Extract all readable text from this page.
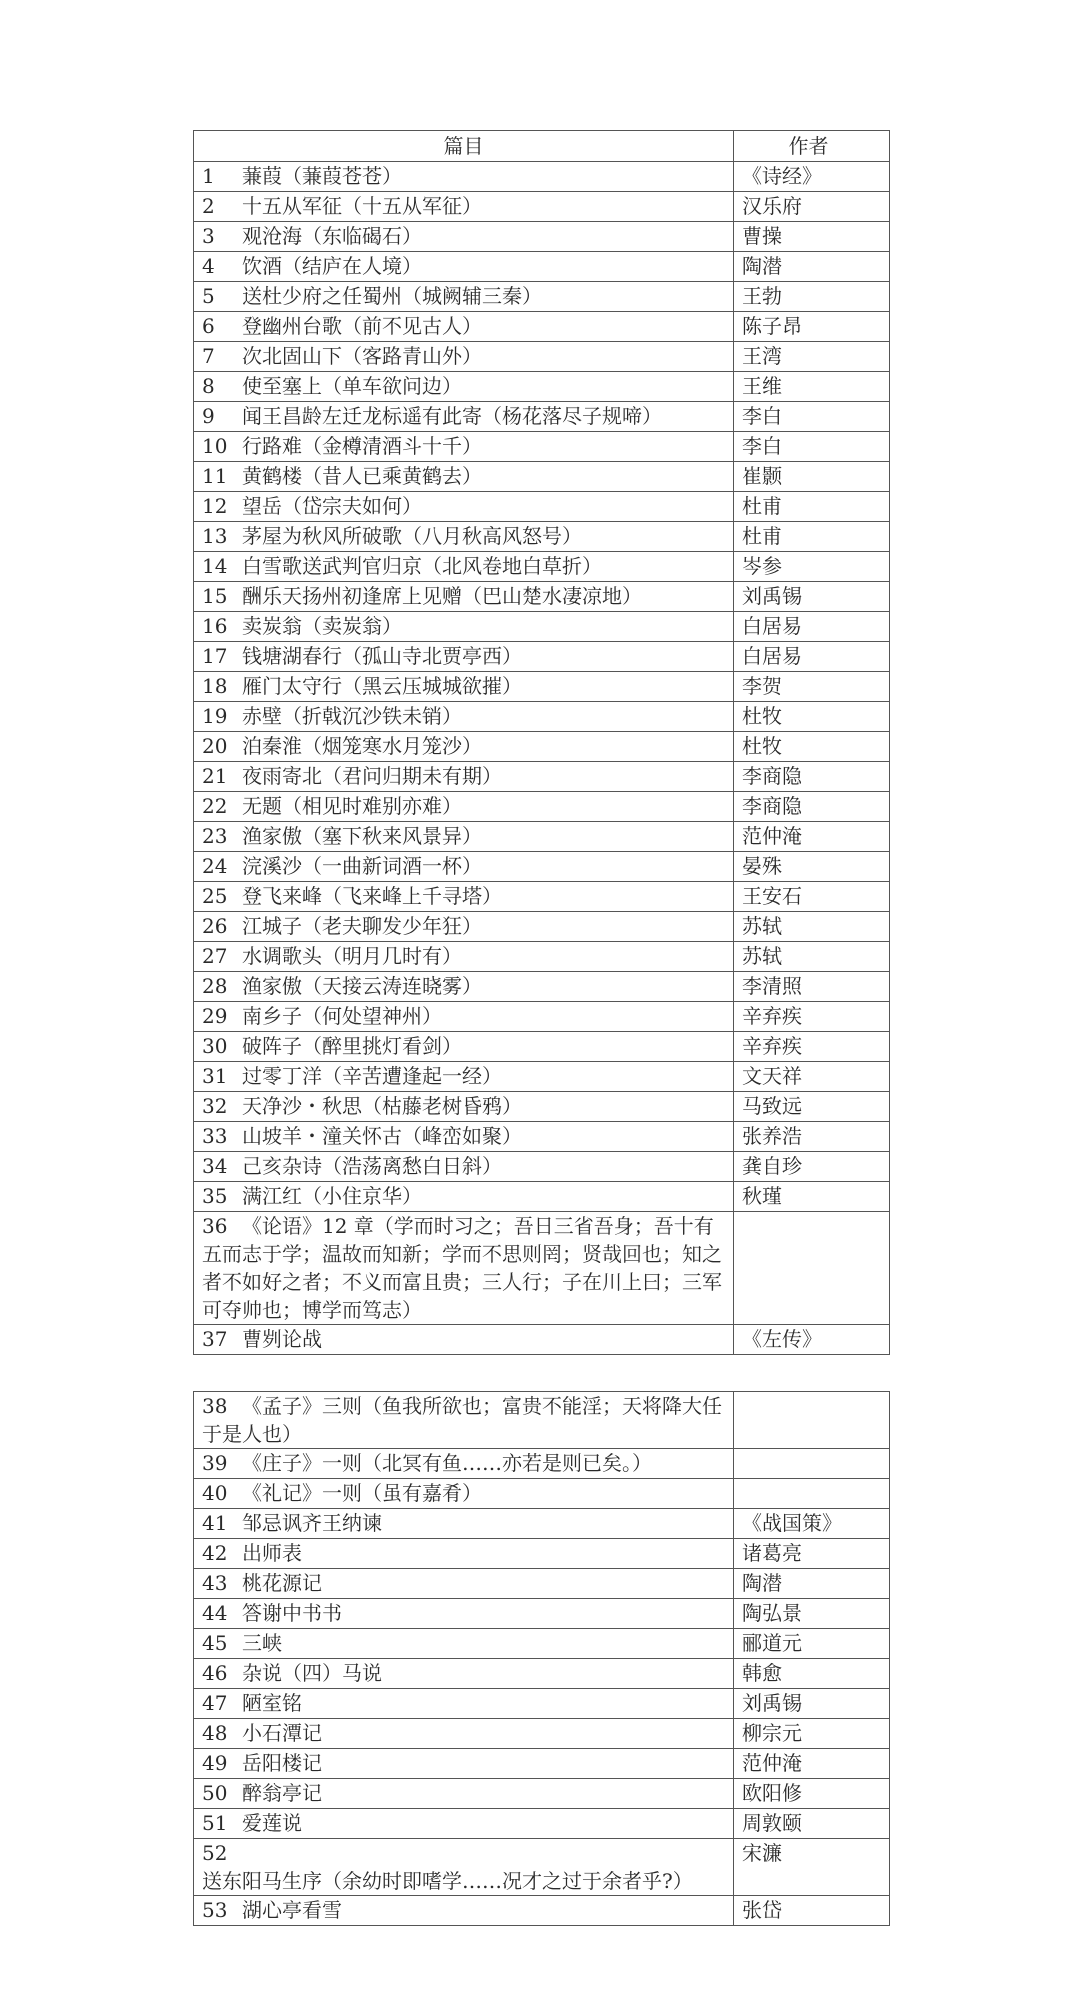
篇目	作者
1 蒹葭（蒹葭苍苍）	《诗经》
2 十五从军征（十五从军征）	汉乐府
3 观沧海（东临碣石）	曹操
4 饮酒（结庐在人境）	陶潜
5 送杜少府之任蜀州（城阙辅三秦）	王勃
6 登幽州台歌（前不见古人）	陈子昂
7 次北固山下（客路青山外）	王湾
8 使至塞上（单车欲问边）	王维
9 闻王昌龄左迁龙标遥有此寄（杨花落尽子规啼）	李白
10 行路难（金樽清酒斗十千）	李白
11 黄鹤楼（昔人已乘黄鹤去）	崔颢
12 望岳（岱宗夫如何）	杜甫
13 茅屋为秋风所破歌（八月秋高风怒号）	杜甫
14 白雪歌送武判官归京（北风卷地白草折）	岑参
15 酬乐天扬州初逢席上见赠（巴山楚水凄凉地）	刘禹锡
16 卖炭翁（卖炭翁）	白居易
17 钱塘湖春行（孤山寺北贾亭西）	白居易
18 雁门太守行（黑云压城城欲摧）	李贺
19 赤壁（折戟沉沙铁未销）	杜牧
20 泊秦淮（烟笼寒水月笼沙）	杜牧
21 夜雨寄北（君问归期未有期）	李商隐
22 无题（相见时难别亦难）	李商隐
23 渔家傲（塞下秋来风景异）	范仲淹
24 浣溪沙（一曲新词酒一杯）	晏殊
25 登飞来峰（飞来峰上千寻塔）	王安石
26 江城子（老夫聊发少年狂）	苏轼
27 水调歌头（明月几时有）	苏轼
28 渔家傲（天接云涛连晓雾）	李清照
29 南乡子（何处望神州）	辛弃疾
30 破阵子（醉里挑灯看剑）	辛弃疾
31 过零丁洋（辛苦遭逢起一经）	文天祥
32 天净沙・秋思（枯藤老树昏鸦）	马致远
33 山坡羊・潼关怀古（峰峦如聚）	张养浩
34 己亥杂诗（浩荡离愁白日斜）	龚自珍
35 满江红（小住京华）	秋瑾
36 《论语》12 章（学而时习之；吾日三省吾身；吾十有五而志于学；温故而知新；学而不思则罔；贤哉回也；知之者不如好之者；不义而富且贵；三人行；子在川上曰；三军可夺帅也；博学而笃志）	
37 曹刿论战	《左传》
38 《孟子》三则（鱼我所欲也；富贵不能淫；天将降大任于是人也）	
39 《庄子》一则（北冥有鱼……亦若是则已矣。）	
40 《礼记》一则（虽有嘉肴）	
41 邹忌讽齐王纳谏	《战国策》
42 出师表	诸葛亮
43 桃花源记	陶潜
44 答谢中书书	陶弘景
45 三峡	郦道元
46 杂说（四）马说	韩愈
47 陋室铭	刘禹锡
48 小石潭记	柳宗元
49 岳阳楼记	范仲淹
50 醉翁亭记	欧阳修
51 爱莲说	周敦颐
52送东阳马生序（余幼时即嗜学……况才之过于余者乎?）	宋濂
53 湖心亭看雪	张岱
